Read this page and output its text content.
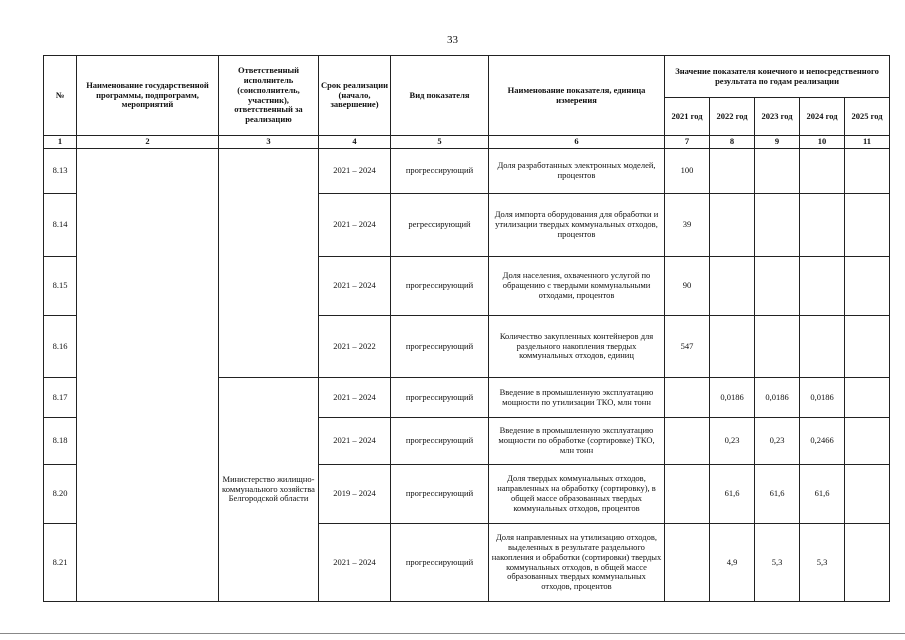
33
№	Наименование государственной программы, подпрограмм, мероприятий	Ответственный исполнитель (соисполнитель, участник), ответственный за реализацию	Срок реализации (начало, завершение)	Вид показателя	Наименование показателя, единица измерения	Значение показателя конечного и непосредственного результата по годам реализации				
						2021 год	2022 год	2023 год	2024 год	2025 год
1	2	3	4	5	6	7	8	9	10	11
8.13			2021 – 2024	прогрессирующий	Доля разработанных электронных моделей, процентов	100				
8.14			2021 – 2024	регрессирующий	Доля импорта оборудования для обработки и утилизации твердых коммунальных отходов, процентов	39				
8.15			2021 – 2024	прогрессирующий	Доля населения, охваченного услугой по обращению с твердыми коммунальными отходами, процентов	90				
8.16			2021 – 2022	прогрессирующий	Количество закупленных контейнеров для раздельного накопления твердых коммунальных отходов, единиц	547				
8.17		Министерство жилищно-коммунального хозяйства Белгородской области	2021 – 2024	прогрессирующий	Введение в промышленную эксплуатацию мощности по утилизации ТКО, млн тонн		0,0186	0,0186	0,0186	
8.18			2021 – 2024	прогрессирующий	Введение в промышленную эксплуатацию мощности по обработке (сортировке) ТКО, млн тонн		0,23	0,23	0,2466	
8.20			2019 – 2024	прогрессирующий	Доля твердых коммунальных отходов, направленных на обработку (сортировку), в общей массе образованных твердых коммунальных отходов, процентов		61,6	61,6	61,6	
8.21			2021 – 2024	прогрессирующий	Доля направленных на утилизацию отходов, выделенных в результате раздельного накопления и обработки (сортировки) твердых коммунальных отходов, в общей массе образованных твердых коммунальных отходов, процентов		4,9	5,3	5,3	
